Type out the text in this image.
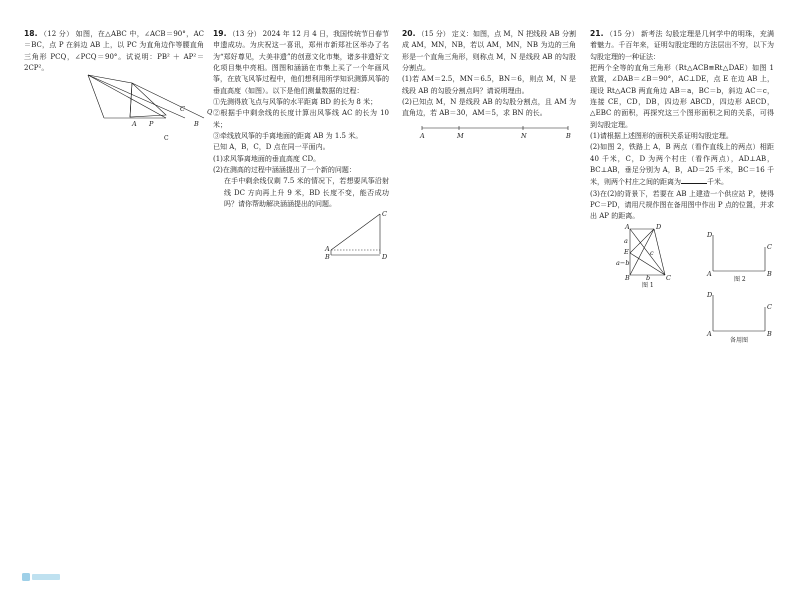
18. （12 分） 如图，在△ABC 中，∠ACB＝90°，AC＝BC，点 P 在斜边 AB 上，以 PC 为直角边作等腰直角三角形 PCQ，∠PCQ＝90°。试说明：PB² ＋ AP²＝2CP²。

C	Q
A P	B
C

19. （13 分） 2024 年 12 月 4 日，我国传统节日春节申遗成功。为庆祝这一喜讯，郑州市新郑社区举办了名为“郑好尊见，大美非遗”的创意文化市集，诸多非遗好文化项目集中亮相。图图和涵涵在市集上买了一个年画风筝，在放飞风筝过程中，他们想利用所学知识测算风筝的垂直高度（如图）。以下是他们测量数据的过程：

①先测得放飞点与风筝的水平距离 BD 的长为 8 米；

②根据手中剩余线的长度计算出风筝线 AC 的长为 10 米；

③牵线放风筝的手离地面的距离 AB 为 1.5 米。

已知 A，B，C，D 点在同一平面内。

(1)求风筝离地面的垂直高度 CD。

(2)在测高的过程中涵涵提出了一个新的问题：

在手中剩余线仅剩 7.5 米的情况下，若想要风筝沿射线 DC 方向再上升 9 米，BD 长度不变，能否成功吗？请你帮助解决涵涵提出的问题。

C
A
B	D

20. （15 分） 定义：如图，点 M，N 把线段 AB 分割成 AM，MN，NB，若以 AM，MN，NB 为边的三角形是一个直角三角形，则称点 M，N 是线段 AB 的勾股分割点。

(1)若 AM＝2.5，MN＝6.5，BN＝6，则点 M，N 是线段 AB 的勾股分割点吗？请说明理由。

(2)已知点 M，N 是线段 AB 的勾股分割点，且 AM 为直角边，若 AB＝30，AM＝5，求 BN 的长。

A	M	N	B

21. （15 分） 新考法 勾股定理是几何学中的明珠，充满着魅力。千百年来，证明勾股定理的方法层出不穷，以下为勾股定理的一种证法：

把两个全等的直角三角形（Rt△ACB≌Rt△DAE）如图 1 放置，∠DAB＝∠B＝90°，AC⊥DE，点 E 在边 AB 上，现设 Rt△ACB 两直角边 AB＝a，BC＝b，斜边 AC＝c，连接 CE，CD，DB，四边形 ABCD，四边形 AECD，△EBC 的面积，再探究这三个图形面积之间的关系，可得到勾股定理。

(1)请根据上述图形的面积关系证明勾股定理。

(2)如图 2，铁路上 A，B 两点（看作直线上的两点）相距 40 千米，C，D 为两个村庄（看作两点），AD⊥AB，BC⊥AB，垂足分别为 A，B，AD＝25 千米，BC＝16 千米，则两个村庄之间的距离为	千米。

(3)在(2)的背景下，若要在 AB 上建造一个供应站 P，使得 PC＝PD，请用尺规作图在备用图中作出 P 点的位置，并求出 AP 的距离。

A	D
E
B	C
a
b
c
a−b
图 1
D
C
A	B
图 2
D
C
A	B
备用图
